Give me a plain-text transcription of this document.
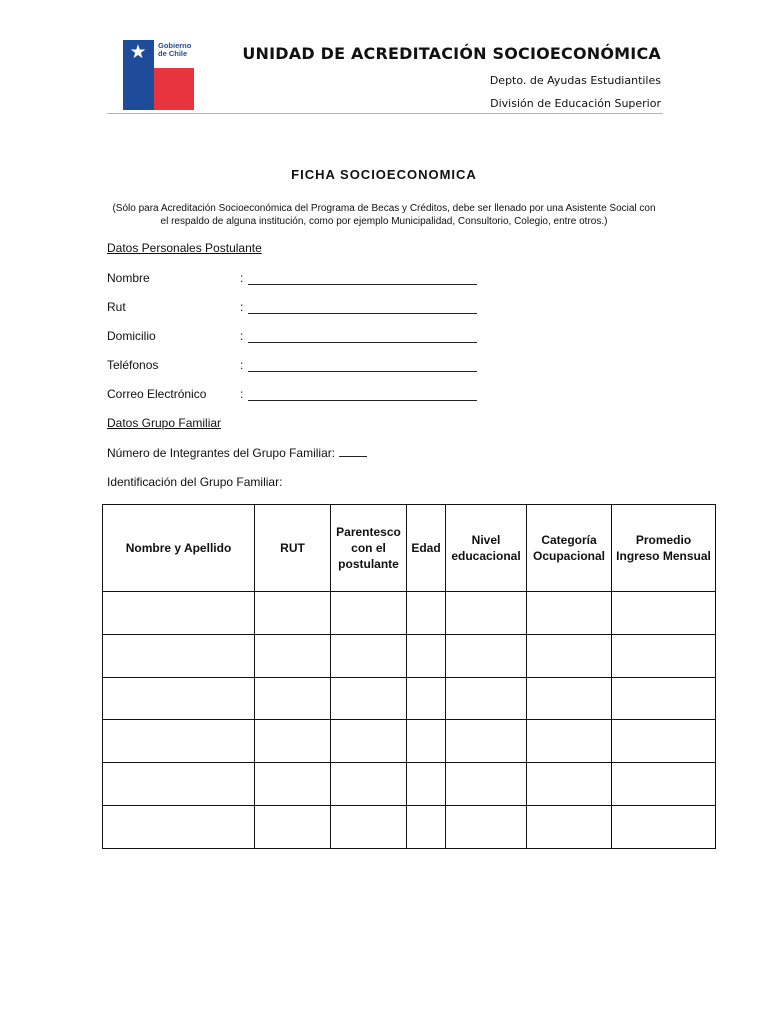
★ Gobierno
de Chile	UNIDAD DE ACREDITACIÓN SOCIOECONÓMICA
Depto. de Ayudas Estudiantiles
División de Educación Superior
FICHA SOCIOECONOMICA
(Sólo para Acreditación Socioeconómica del Programa de Becas y Créditos, debe ser llenado por una Asistente Social con
el respaldo de alguna institución, como por ejemplo Municipalidad, Consultorio, Colegio, entre otros.)
Datos Personales Postulante
Nombre	:
Rut	:
Domicilio	:
Teléfonos	:
Correo Electrónico	:
Datos Grupo Familiar
Número de Integrantes del Grupo Familiar:
Identificación del Grupo Familiar:
Nombre y Apellido	RUT	Parentesco con el postulante	Edad	Nivel educacional	Categoría Ocupacional	Promedio Ingreso Mensual
